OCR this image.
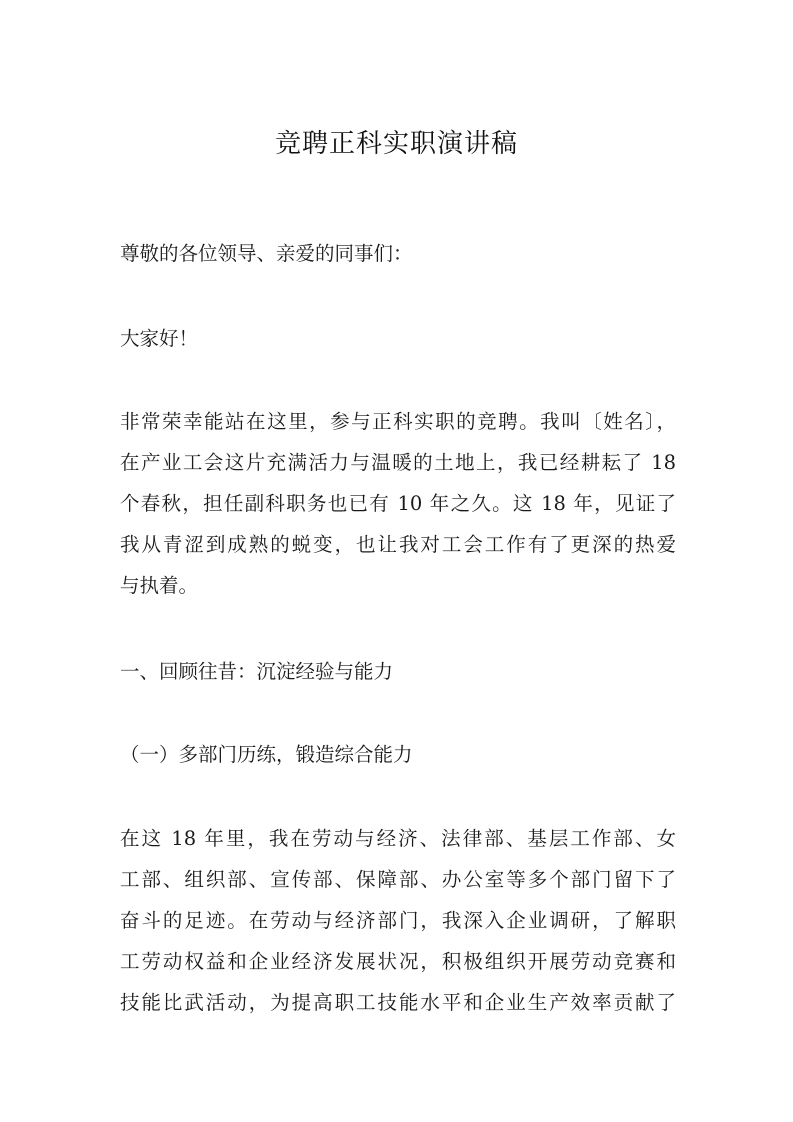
竞聘正科实职演讲稿
尊敬的各位领导、亲爱的同事们：
大家好！
非常荣幸能站在这里，参与正科实职的竞聘。我叫〔姓名〕，
在产业工会这片充满活力与温暖的土地上，我已经耕耘了 18
个春秋，担任副科职务也已有 10 年之久。这 18 年，见证了
我从青涩到成熟的蜕变，也让我对工会工作有了更深的热爱
与执着。
一、回顾往昔：沉淀经验与能力
（一）多部门历练，锻造综合能力
在这 18 年里，我在劳动与经济、法律部、基层工作部、女
工部、组织部、宣传部、保障部、办公室等多个部门留下了
奋斗的足迹。在劳动与经济部门，我深入企业调研，了解职
工劳动权益和企业经济发展状况，积极组织开展劳动竞赛和
技能比武活动，为提高职工技能水平和企业生产效率贡献了
